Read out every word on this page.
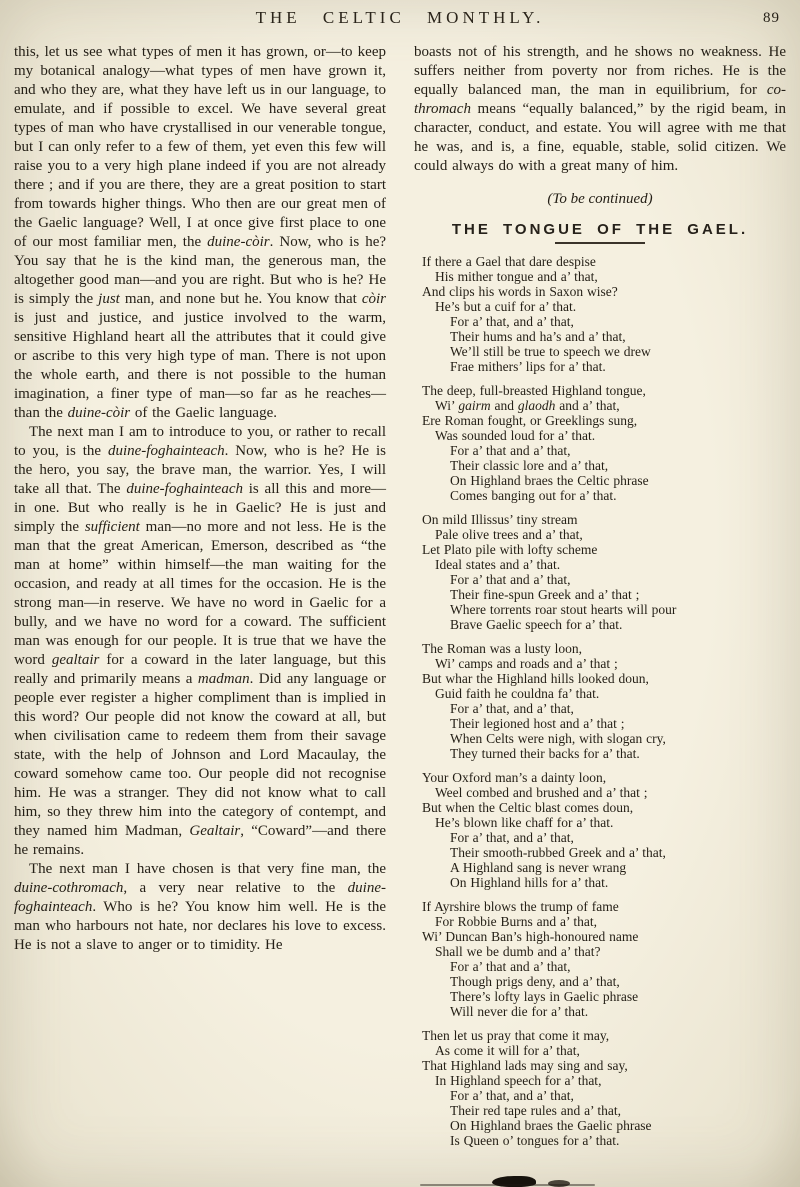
THE CELTIC MONTHLY.	89

this, let us see what types of men it has grown, or—to keep my botanical analogy—what types of men have grown it, and who they are, what they have left us in our language, to emulate, and if possible to excel. We have several great types of man who have crystallised in our venerable tongue, but I can only refer to a few of them, yet even this few will raise you to a very high plane indeed if you are not already there ; and if you are there, they are a great position to start from towards higher things. Who then are our great men of the Gaelic language? Well, I at once give first place to one of our most familiar men, the duine-còir. Now, who is he? You say that he is the kind man, the generous man, the altogether good man—and you are right. But who is he? He is simply the just man, and none but he. You know that còir is just and justice, and justice involved to the warm, sensitive Highland heart all the attributes that it could give or ascribe to this very high type of man. There is not upon the whole earth, and there is not possible to the human imagination, a finer type of man—so far as he reaches—than the duine-còir of the Gaelic language.

The next man I am to introduce to you, or rather to recall to you, is the duine-foghainteach. Now, who is he? He is the hero, you say, the brave man, the warrior. Yes, I will take all that. The duine-foghainteach is all this and more—in one. But who really is he in Gaelic? He is just and simply the sufficient man—no more and not less. He is the man that the great American, Emerson, described as “the man at home” within himself—the man waiting for the occasion, and ready at all times for the occasion. He is the strong man—in reserve. We have no word in Gaelic for a bully, and we have no word for a coward. The sufficient man was enough for our people. It is true that we have the word gealtair for a coward in the later language, but this really and primarily means a madman. Did any language or people ever register a higher compliment than is implied in this word? Our people did not know the coward at all, but when civilisation came to redeem them from their savage state, with the help of Johnson and Lord Macaulay, the coward somehow came too. Our people did not recognise him. He was a stranger. They did not know what to call him, so they threw him into the category of contempt, and they named him Madman, Gealtair, “Coward”—and there he remains.

The next man I have chosen is that very fine man, the duine-cothromach, a very near relative to the duine-foghainteach. Who is he? You know him well. He is the man who harbours not hate, nor declares his love to excess. He is not a slave to anger or to timidity. He

boasts not of his strength, and he shows no weakness. He suffers neither from poverty nor from riches. He is the equally balanced man, the man in equilibrium, for co-thromach means “equally balanced,” by the rigid beam, in character, conduct, and estate. You will agree with me that he was, and is, a fine, equable, stable, solid citizen. We could always do with a great many of him.

(To be continued)
THE TONGUE OF THE GAEL.
If there a Gael that dare despise
His mither tongue and a’ that,
And clips his words in Saxon wise?
He’s but a cuif for a’ that.
For a’ that, and a’ that,
Their hums and ha’s and a’ that,
We’ll still be true to speech we drew
Frae mithers’ lips for a’ that.
The deep, full-breasted Highland tongue,
Wi’ gairm and glaodh and a’ that,
Ere Roman fought, or Greeklings sung,
Was sounded loud for a’ that.
For a’ that and a’ that,
Their classic lore and a’ that,
On Highland braes the Celtic phrase
Comes banging out for a’ that.
On mild Illissus’ tiny stream
Pale olive trees and a’ that,
Let Plato pile with lofty scheme
Ideal states and a’ that.
For a’ that and a’ that,
Their fine-spun Greek and a’ that ;
Where torrents roar stout hearts will pour
Brave Gaelic speech for a’ that.
The Roman was a lusty loon,
Wi’ camps and roads and a’ that ;
But whar the Highland hills looked doun,
Guid faith he couldna fa’ that.
For a’ that, and a’ that,
Their legioned host and a’ that ;
When Celts were nigh, with slogan cry,
They turned their backs for a’ that.
Your Oxford man’s a dainty loon,
Weel combed and brushed and a’ that ;
But when the Celtic blast comes doun,
He’s blown like chaff for a’ that.
For a’ that, and a’ that,
Their smooth-rubbed Greek and a’ that,
A Highland sang is never wrang
On Highland hills for a’ that.
If Ayrshire blows the trump of fame
For Robbie Burns and a’ that,
Wi’ Duncan Ban’s high-honoured name
Shall we be dumb and a’ that?
For a’ that and a’ that,
Though prigs deny, and a’ that,
There’s lofty lays in Gaelic phrase
Will never die for a’ that.
Then let us pray that come it may,
As come it will for a’ that,
That Highland lads may sing and say,
In Highland speech for a’ that,
For a’ that, and a’ that,
Their red tape rules and a’ that,
On Highland braes the Gaelic phrase
Is Queen o’ tongues for a’ that.
